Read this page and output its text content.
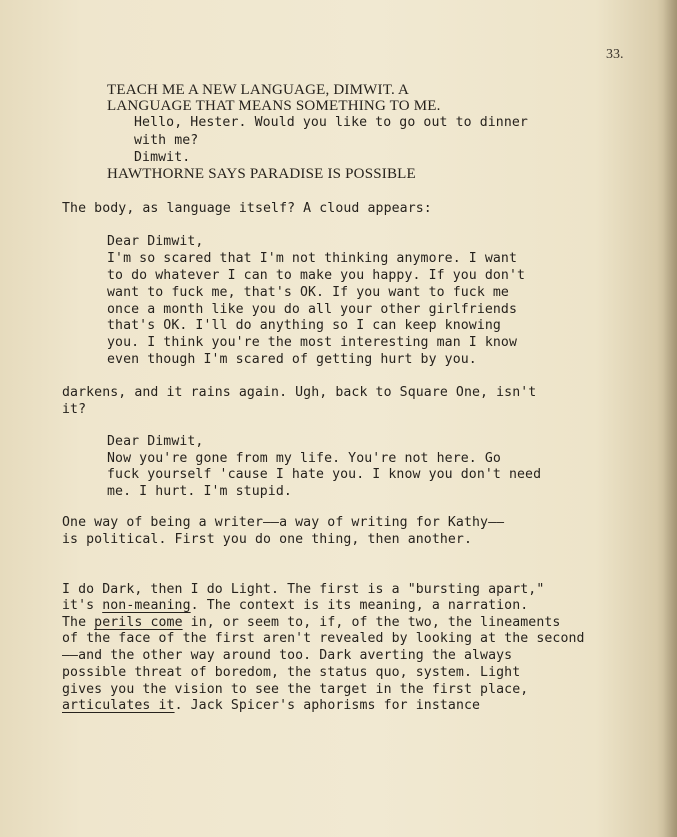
33.
TEACH ME A NEW LANGUAGE, DIMWIT. A
LANGUAGE THAT MEANS SOMETHING TO ME.
Hello, Hester. Would you like to go out to dinner
with me?
Dimwit.
HAWTHORNE SAYS PARADISE IS POSSIBLE
The body, as language itself? A cloud appears:
Dear Dimwit,
I'm so scared that I'm not thinking anymore. I want
to do whatever I can to make you happy. If you don't
want to fuck me, that's OK. If you want to fuck me
once a month like you do all your other girlfriends
that's OK. I'll do anything so I can keep knowing
you. I think you're the most interesting man I know
even though I'm scared of getting hurt by you.
darkens, and it rains again. Ugh, back to Square One, isn't
it?
Dear Dimwit,
Now you're gone from my life. You're not here. Go
fuck yourself 'cause I hate you. I know you don't need
me. I hurt. I'm stupid.
One way of being a writer——a way of writing for Kathy——
is political. First you do one thing, then another.
I do Dark, then I do Light. The first is a "bursting apart,"
it's non-meaning. The context is its meaning, a narration.
The perils come in, or seem to, if, of the two, the lineaments
of the face of the first aren't revealed by looking at the second
——and the other way around too. Dark averting the always
possible threat of boredom, the status quo, system. Light
gives you the vision to see the target in the first place,
articulates it. Jack Spicer's aphorisms for instance
